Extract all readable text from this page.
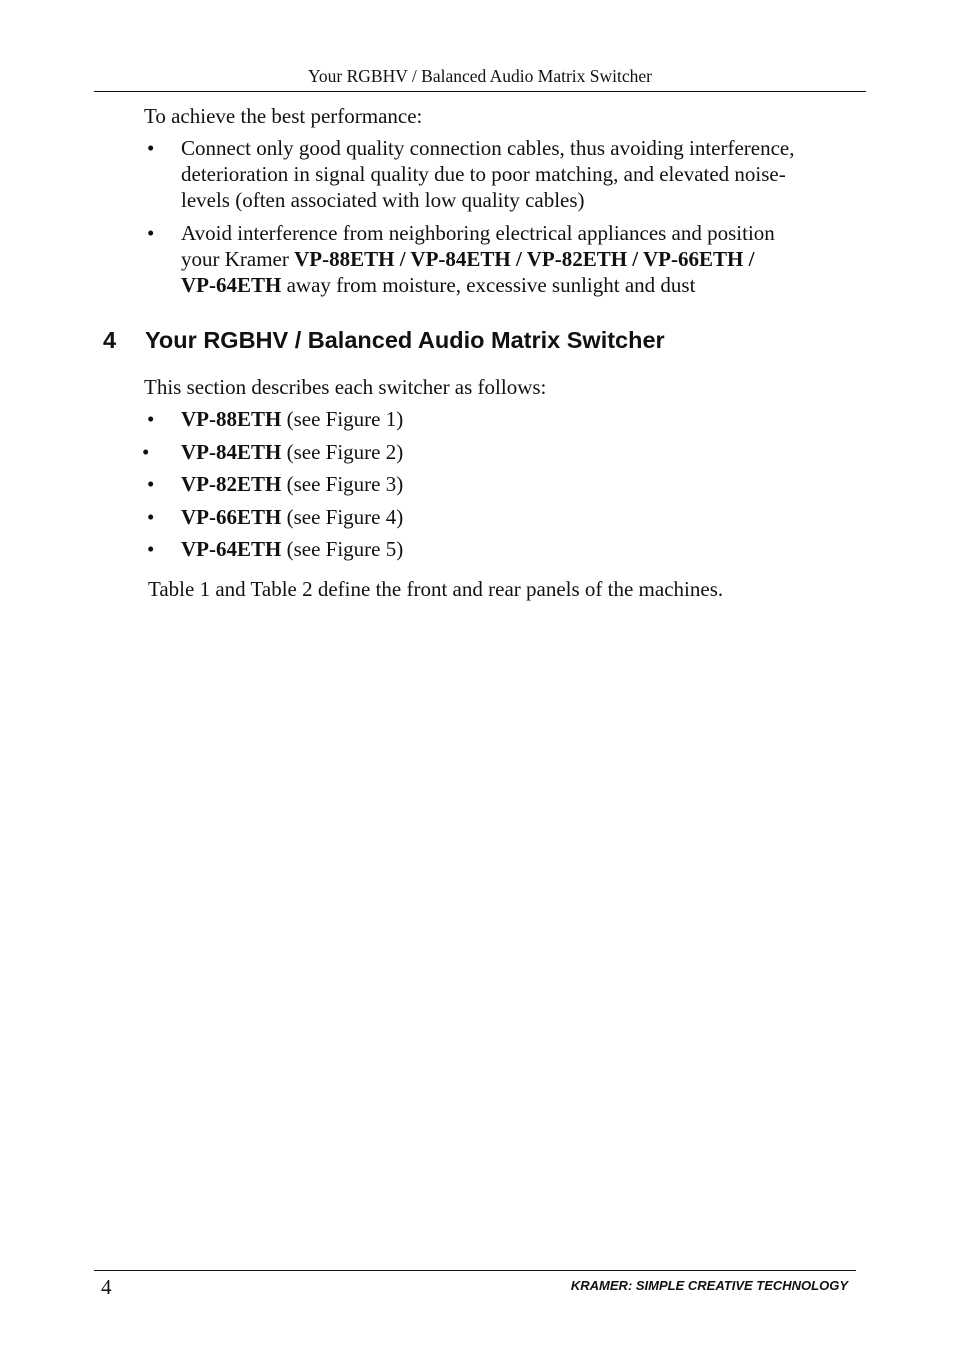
Your RGBHV / Balanced Audio Matrix Switcher
To achieve the best performance:
• Connect only good quality connection cables, thus avoiding interference,
deterioration in signal quality due to poor matching, and elevated noise-
levels (often associated with low quality cables)
• Avoid interference from neighboring electrical appliances and position
your Kramer VP-88ETH / VP-84ETH / VP-82ETH / VP-66ETH /
VP-64ETH away from moisture, excessive sunlight and dust
4 Your RGBHV / Balanced Audio Matrix Switcher
This section describes each switcher as follows:
• VP-88ETH (see Figure 1)
• VP-84ETH (see Figure 2)
• VP-82ETH (see Figure 3)
• VP-66ETH (see Figure 4)
• VP-64ETH (see Figure 5)
Table 1 and Table 2 define the front and rear panels of the machines.
4	KRAMER: SIMPLE CREATIVE TECHNOLOGY
